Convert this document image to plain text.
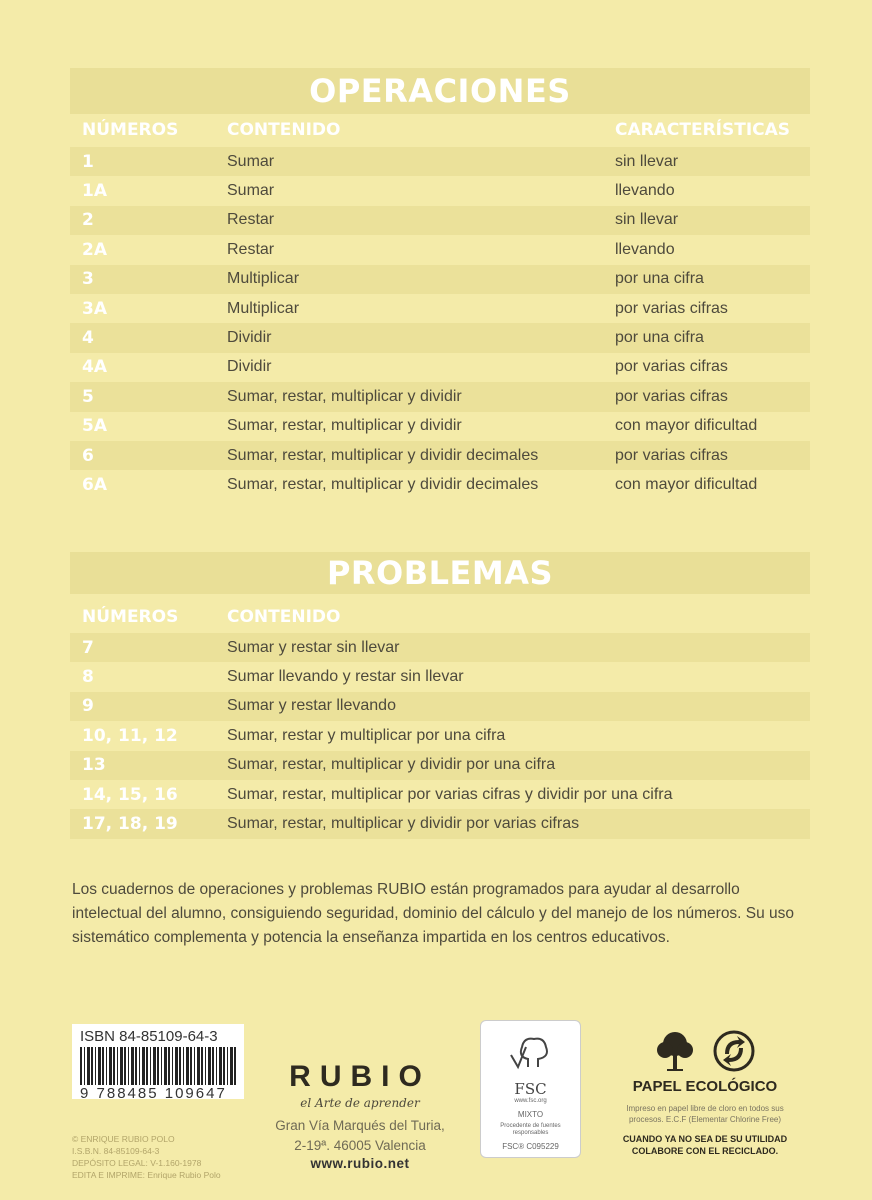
OPERACIONES
NÚMEROS	CONTENIDO	CARACTERÍSTICAS
1	Sumar	sin llevar
1A	Sumar	llevando
2	Restar	sin llevar
2A	Restar	llevando
3	Multiplicar	por una cifra
3A	Multiplicar	por varias cifras
4	Dividir	por una cifra
4A	Dividir	por varias cifras
5	Sumar, restar, multiplicar y dividir	por varias cifras
5A	Sumar, restar, multiplicar y dividir	con mayor dificultad
6	Sumar, restar, multiplicar y dividir decimales	por varias cifras
6A	Sumar, restar, multiplicar y dividir decimales	con mayor dificultad
PROBLEMAS
NÚMEROS	CONTENIDO
7	Sumar y restar sin llevar
8	Sumar llevando y restar sin llevar
9	Sumar y restar llevando
10, 11, 12	Sumar, restar y multiplicar por una cifra
13	Sumar, restar, multiplicar y dividir por una cifra
14, 15, 16	Sumar, restar, multiplicar por varias cifras y dividir por una cifra
17, 18, 19	Sumar, restar, multiplicar y dividir por varias cifras

Los cuadernos de operaciones y problemas RUBIO están programados para ayudar al desarrollo intelectual del alumno, consiguiendo seguridad, dominio del cálculo y del manejo de los números. Su uso sistemático complementa y potencia la enseñanza impartida en los centros educativos.

ISBN 84-85109-64-3
9 788485 109647
© ENRIQUE RUBIO POLO
I.S.B.N. 84-85109-64-3
DEPÓSITO LEGAL: V-1.160-1978
EDITA E IMPRIME: Enrique Rubio Polo
RUBIO
el Arte de aprender
Gran Vía Marqués del Turia,
2-19ª. 46005 Valencia
www.rubio.net
FSC
www.fsc.org
MIXTO
Procedente de fuentes responsables
FSC® C095229
PAPEL ECOLÓGICO
Impreso en papel libre de cloro en todos sus procesos. E.C.F (Elementar Chlorine Free)
CUANDO YA NO SEA DE SU UTILIDAD COLABORE CON EL RECICLADO.
